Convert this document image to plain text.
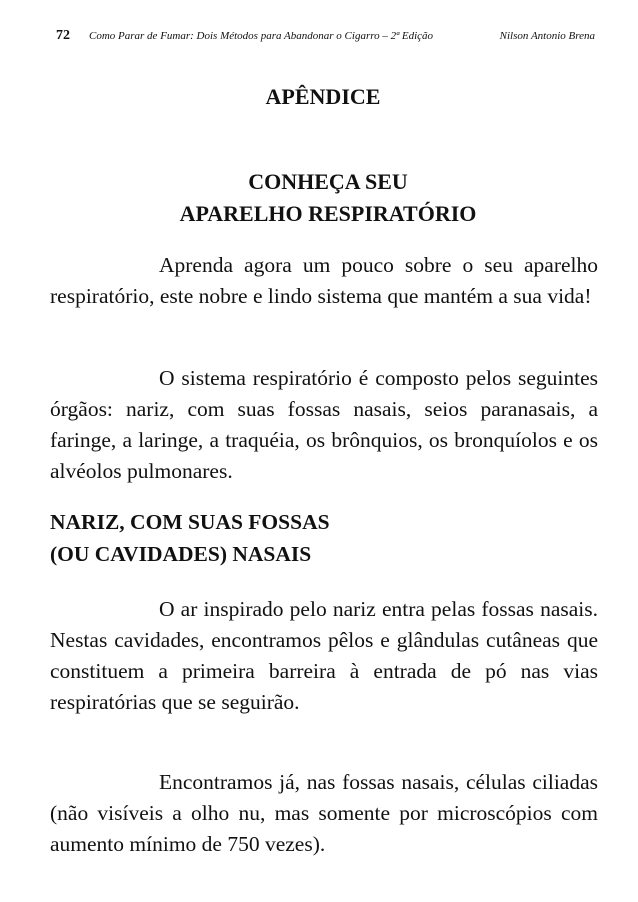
72 Como Parar de Fumar: Dois Métodos para Abandonar o Cigarro – 2ª Edição	Nilson Antonio Brena
APÊNDICE
CONHEÇA SEU
APARELHO RESPIRATÓRIO

Aprenda agora um pouco sobre o seu aparelho respiratório, este nobre e lindo sistema que mantém a sua vida!

O sistema respiratório é composto pelos seguintes órgãos: nariz, com suas fossas nasais, seios paranasais, a faringe, a laringe, a traquéia, os brônquios, os bronquíolos e os alvéolos pulmonares.

NARIZ, COM SUAS FOSSAS
(OU CAVIDADES) NASAIS

O ar inspirado pelo nariz entra pelas fossas nasais. Nestas cavidades, encontramos pêlos e glândulas cutâneas que constituem a primeira barreira à entrada de pó nas vias respiratórias que se seguirão.

Encontramos já, nas fossas nasais, células ciliadas (não visíveis a olho nu, mas somente por microscópios com aumento mínimo de 750 vezes).
